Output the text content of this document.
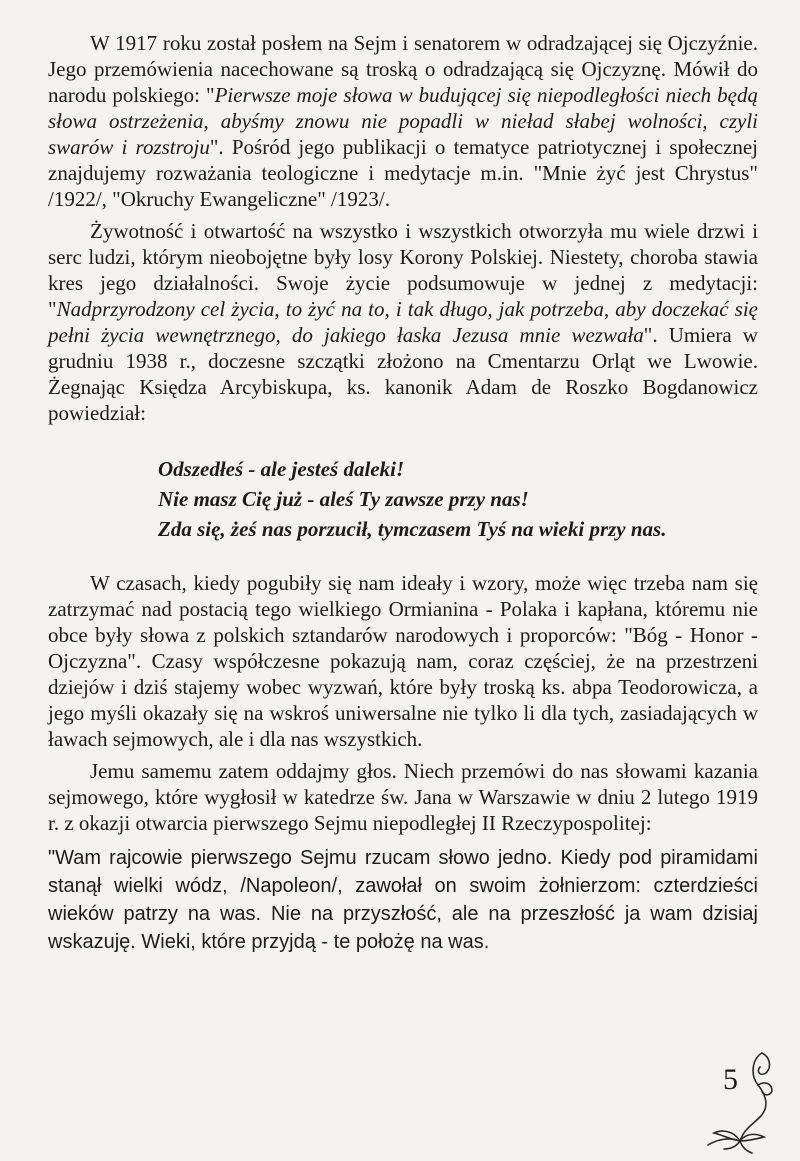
W 1917 roku został posłem na Sejm i senatorem w odradzającej się Ojczyźnie. Jego przemówienia nacechowane są troską o odradzającą się Ojczyznę. Mówił do narodu polskiego: "Pierwsze moje słowa w budującej się niepodległości niech będą słowa ostrzeżenia, abyśmy znowu nie popadli w nieład słabej wolności, czyli swarów i rozstroju". Pośród jego publikacji o tematyce patriotycznej i społecznej znajdujemy rozważania teologiczne i medytacje m.in. "Mnie żyć jest Chrystus" /1922/, "Okruchy Ewangeliczne" /1923/.

Żywotność i otwartość na wszystko i wszystkich otworzyła mu wiele drzwi i serc ludzi, którym nieobojętne były losy Korony Polskiej. Niestety, choroba stawia kres jego działalności. Swoje życie podsumowuje w jednej z medytacji: "Nadprzyrodzony cel życia, to żyć na to, i tak długo, jak potrzeba, aby doczekać się pełni życia wewnętrznego, do jakiego łaska Jezusa mnie wezwała". Umiera w grudniu 1938 r., doczesne szczątki złożono na Cmentarzu Orląt we Lwowie. Żegnając Księdza Arcybiskupa, ks. kanonik Adam de Roszko Bogdanowicz powiedział:

Odszedłeś - ale jesteś daleki!
Nie masz Cię już - aleś Ty zawsze przy nas!
Zda się, żeś nas porzucił, tymczasem Tyś na wieki przy nas.

W czasach, kiedy pogubiły się nam ideały i wzory, może więc trzeba nam się zatrzymać nad postacią tego wielkiego Ormianina - Polaka i kapłana, któremu nie obce były słowa z polskich sztandarów narodowych i proporców: "Bóg - Honor - Ojczyzna". Czasy współczesne pokazują nam, coraz częściej, że na przestrzeni dziejów i dziś stajemy wobec wyzwań, które były troską ks. abpa Teodorowicza, a jego myśli okazały się na wskroś uniwersalne nie tylko li dla tych, zasiadających w ławach sejmowych, ale i dla nas wszystkich.

Jemu samemu zatem oddajmy głos. Niech przemówi do nas słowami kazania sejmowego, które wygłosił w katedrze św. Jana w Warszawie w dniu 2 lutego 1919 r. z okazji otwarcia pierwszego Sejmu niepodległej II Rzeczypospolitej:

"Wam rajcowie pierwszego Sejmu rzucam słowo jedno. Kiedy pod piramidami stanął wielki wódz, /Napoleon/, zawołał on swoim żołnierzom: czterdzieści wieków patrzy na was. Nie na przyszłość, ale na przeszłość ja wam dzisiaj wskazuję. Wieki, które przyjdą - te położę na was.
5
